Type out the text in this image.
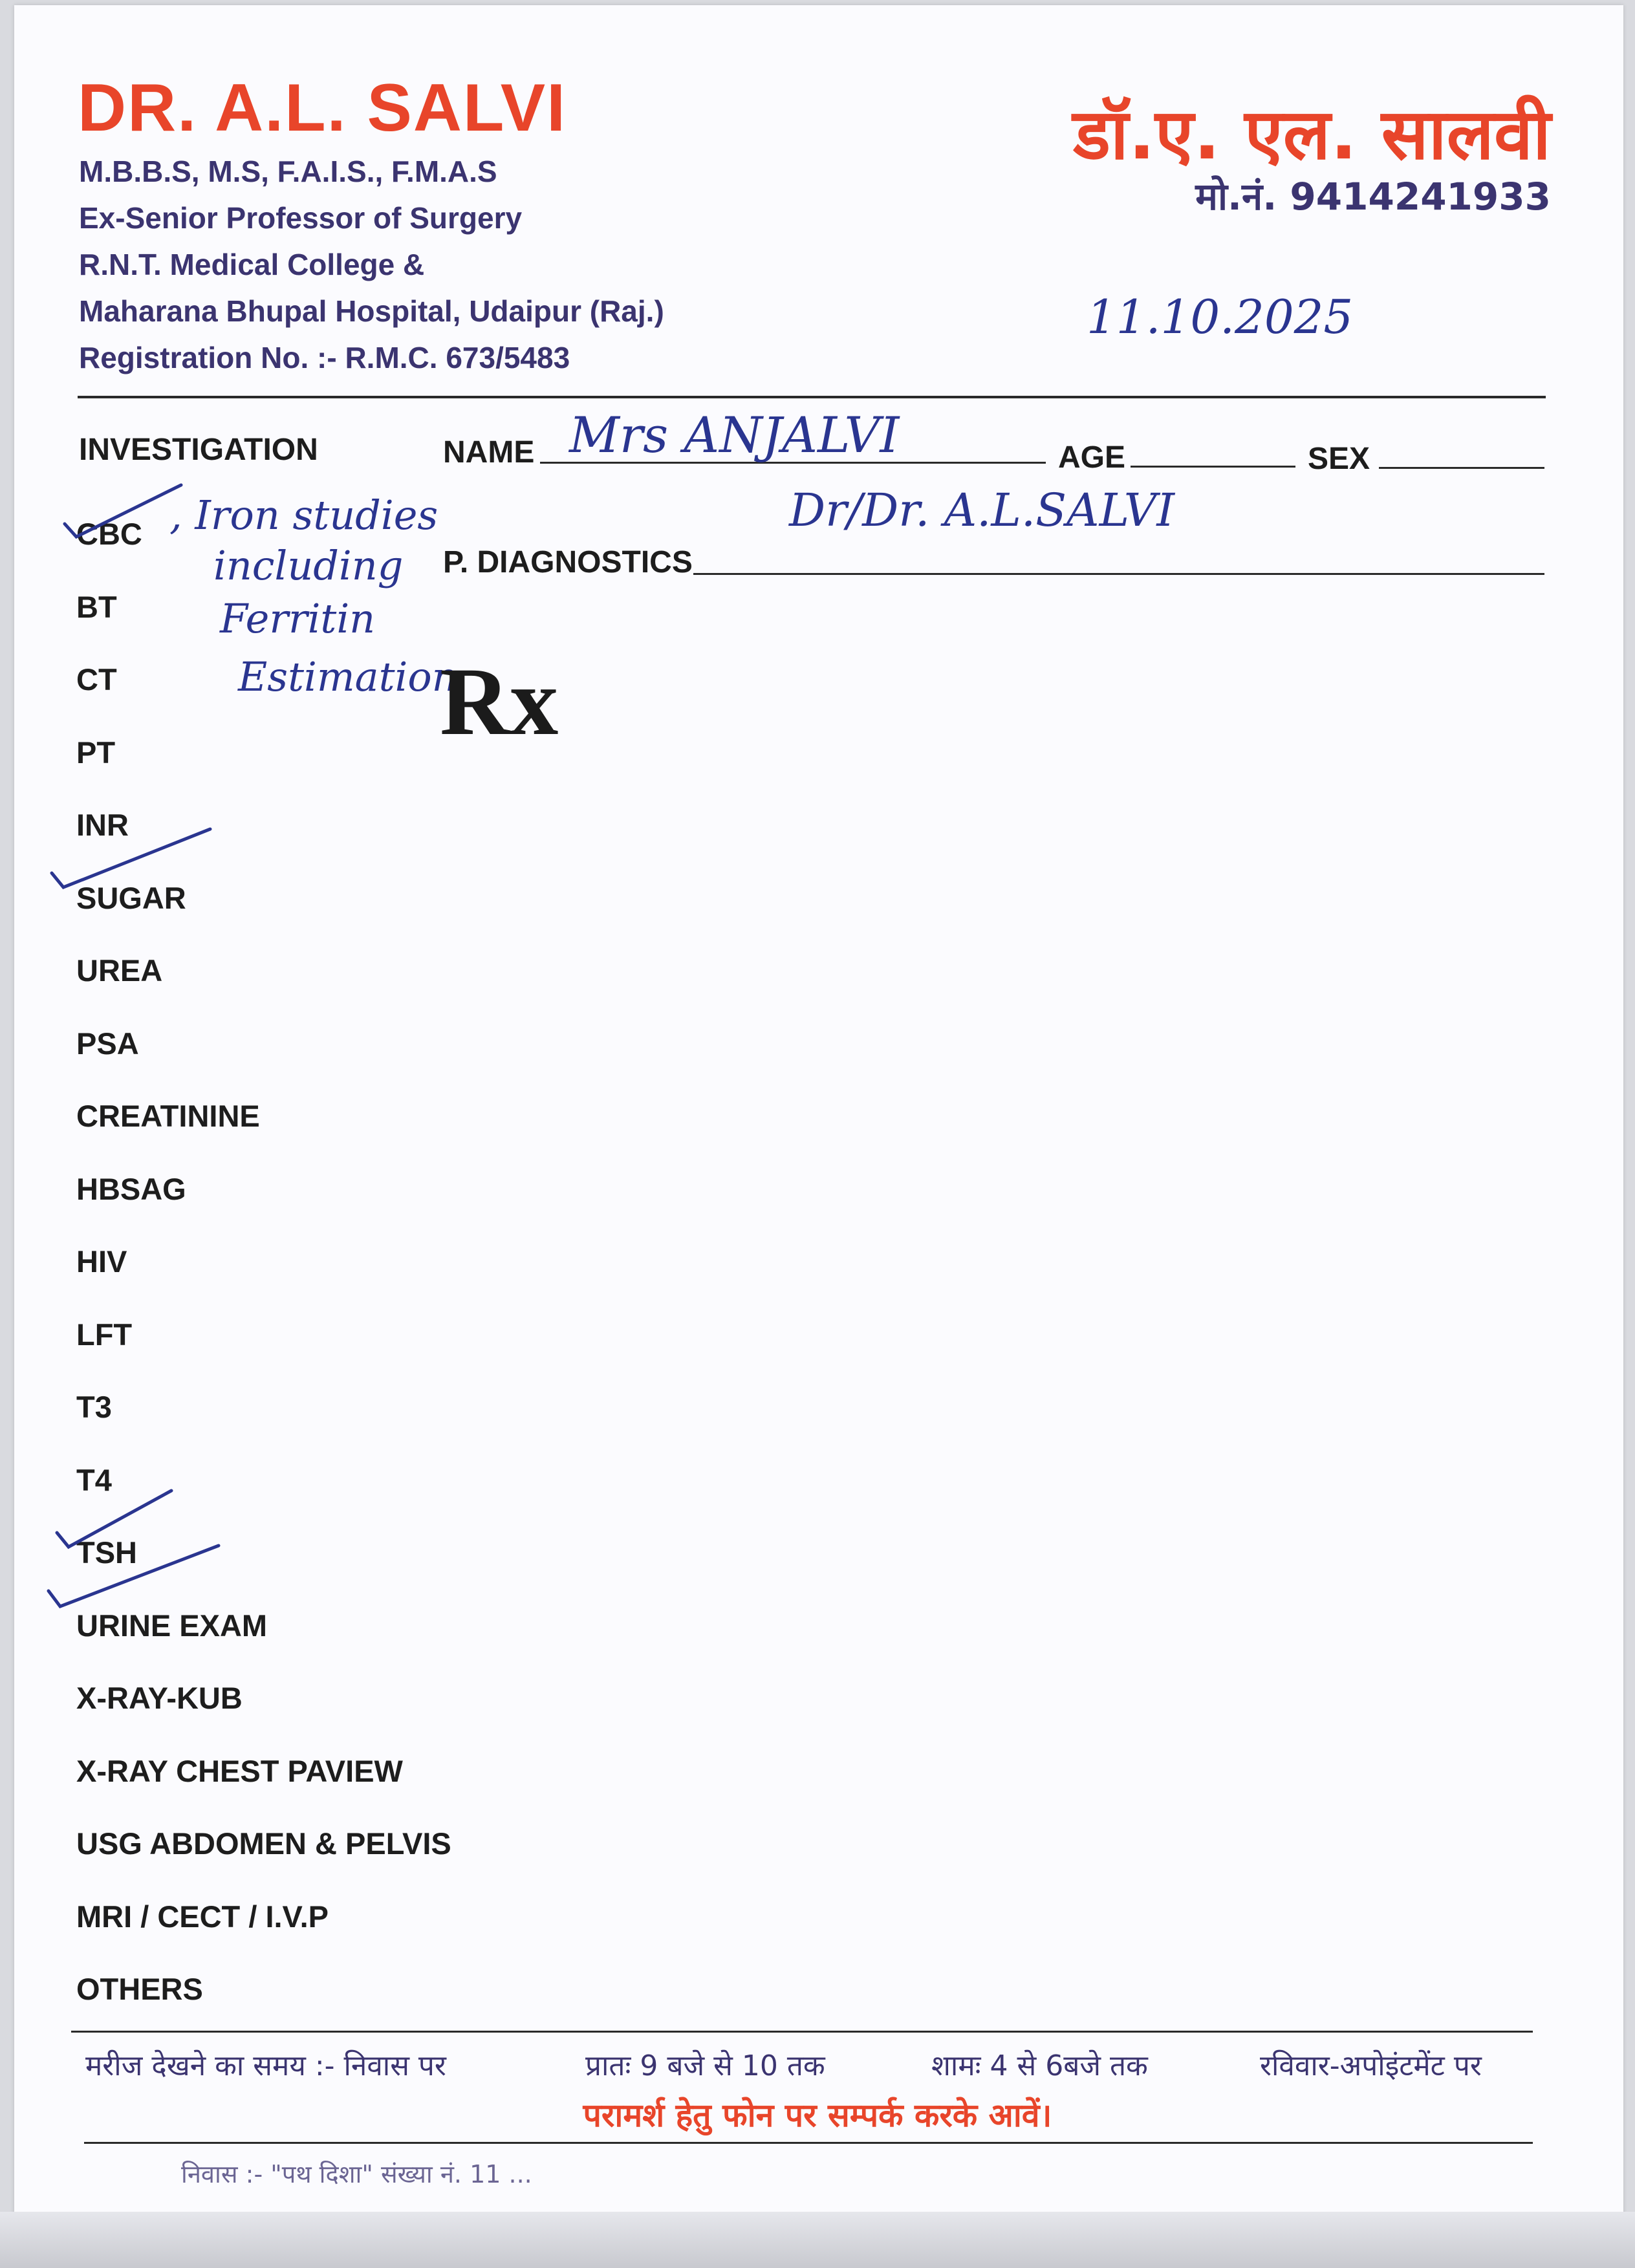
DR. A.L. SALVI
M.B.B.S, M.S, F.A.I.S., F.M.A.S
Ex-Senior Professor of Surgery
R.N.T. Medical College &
Maharana Bhupal Hospital, Udaipur (Raj.)
Registration No. :- R.M.C. 673/5483
डॉ.ए. एल. सालवी
मो.नं. 9414241933
11.10.2025
INVESTIGATION	NAME Mrs ANJALVI	AGE	SEX
Dr/Dr. A.L.SALVI
P. DIAGNOSTICS
, Iron studies
including
Ferritin
Estimation
Rx
CBC
BT
CT
PT
INR
SUGAR
UREA
PSA
CREATININE
HBSAG
HIV
LFT
T3
T4
TSH
URINE EXAM
X-RAY-KUB
X-RAY CHEST PAVIEW
USG ABDOMEN & PELVIS
MRI / CECT / I.V.P
OTHERS
मरीज देखने का समय :- निवास पर	प्रातः 9 बजे से 10 तक	शामः 4 से 6बजे तक	रविवार-अपोइंटमेंट पर
परामर्श हेतु फोन पर सम्पर्क करके आवें।
निवास :- "पथ दिशा" संख्या नं. 11 ...
